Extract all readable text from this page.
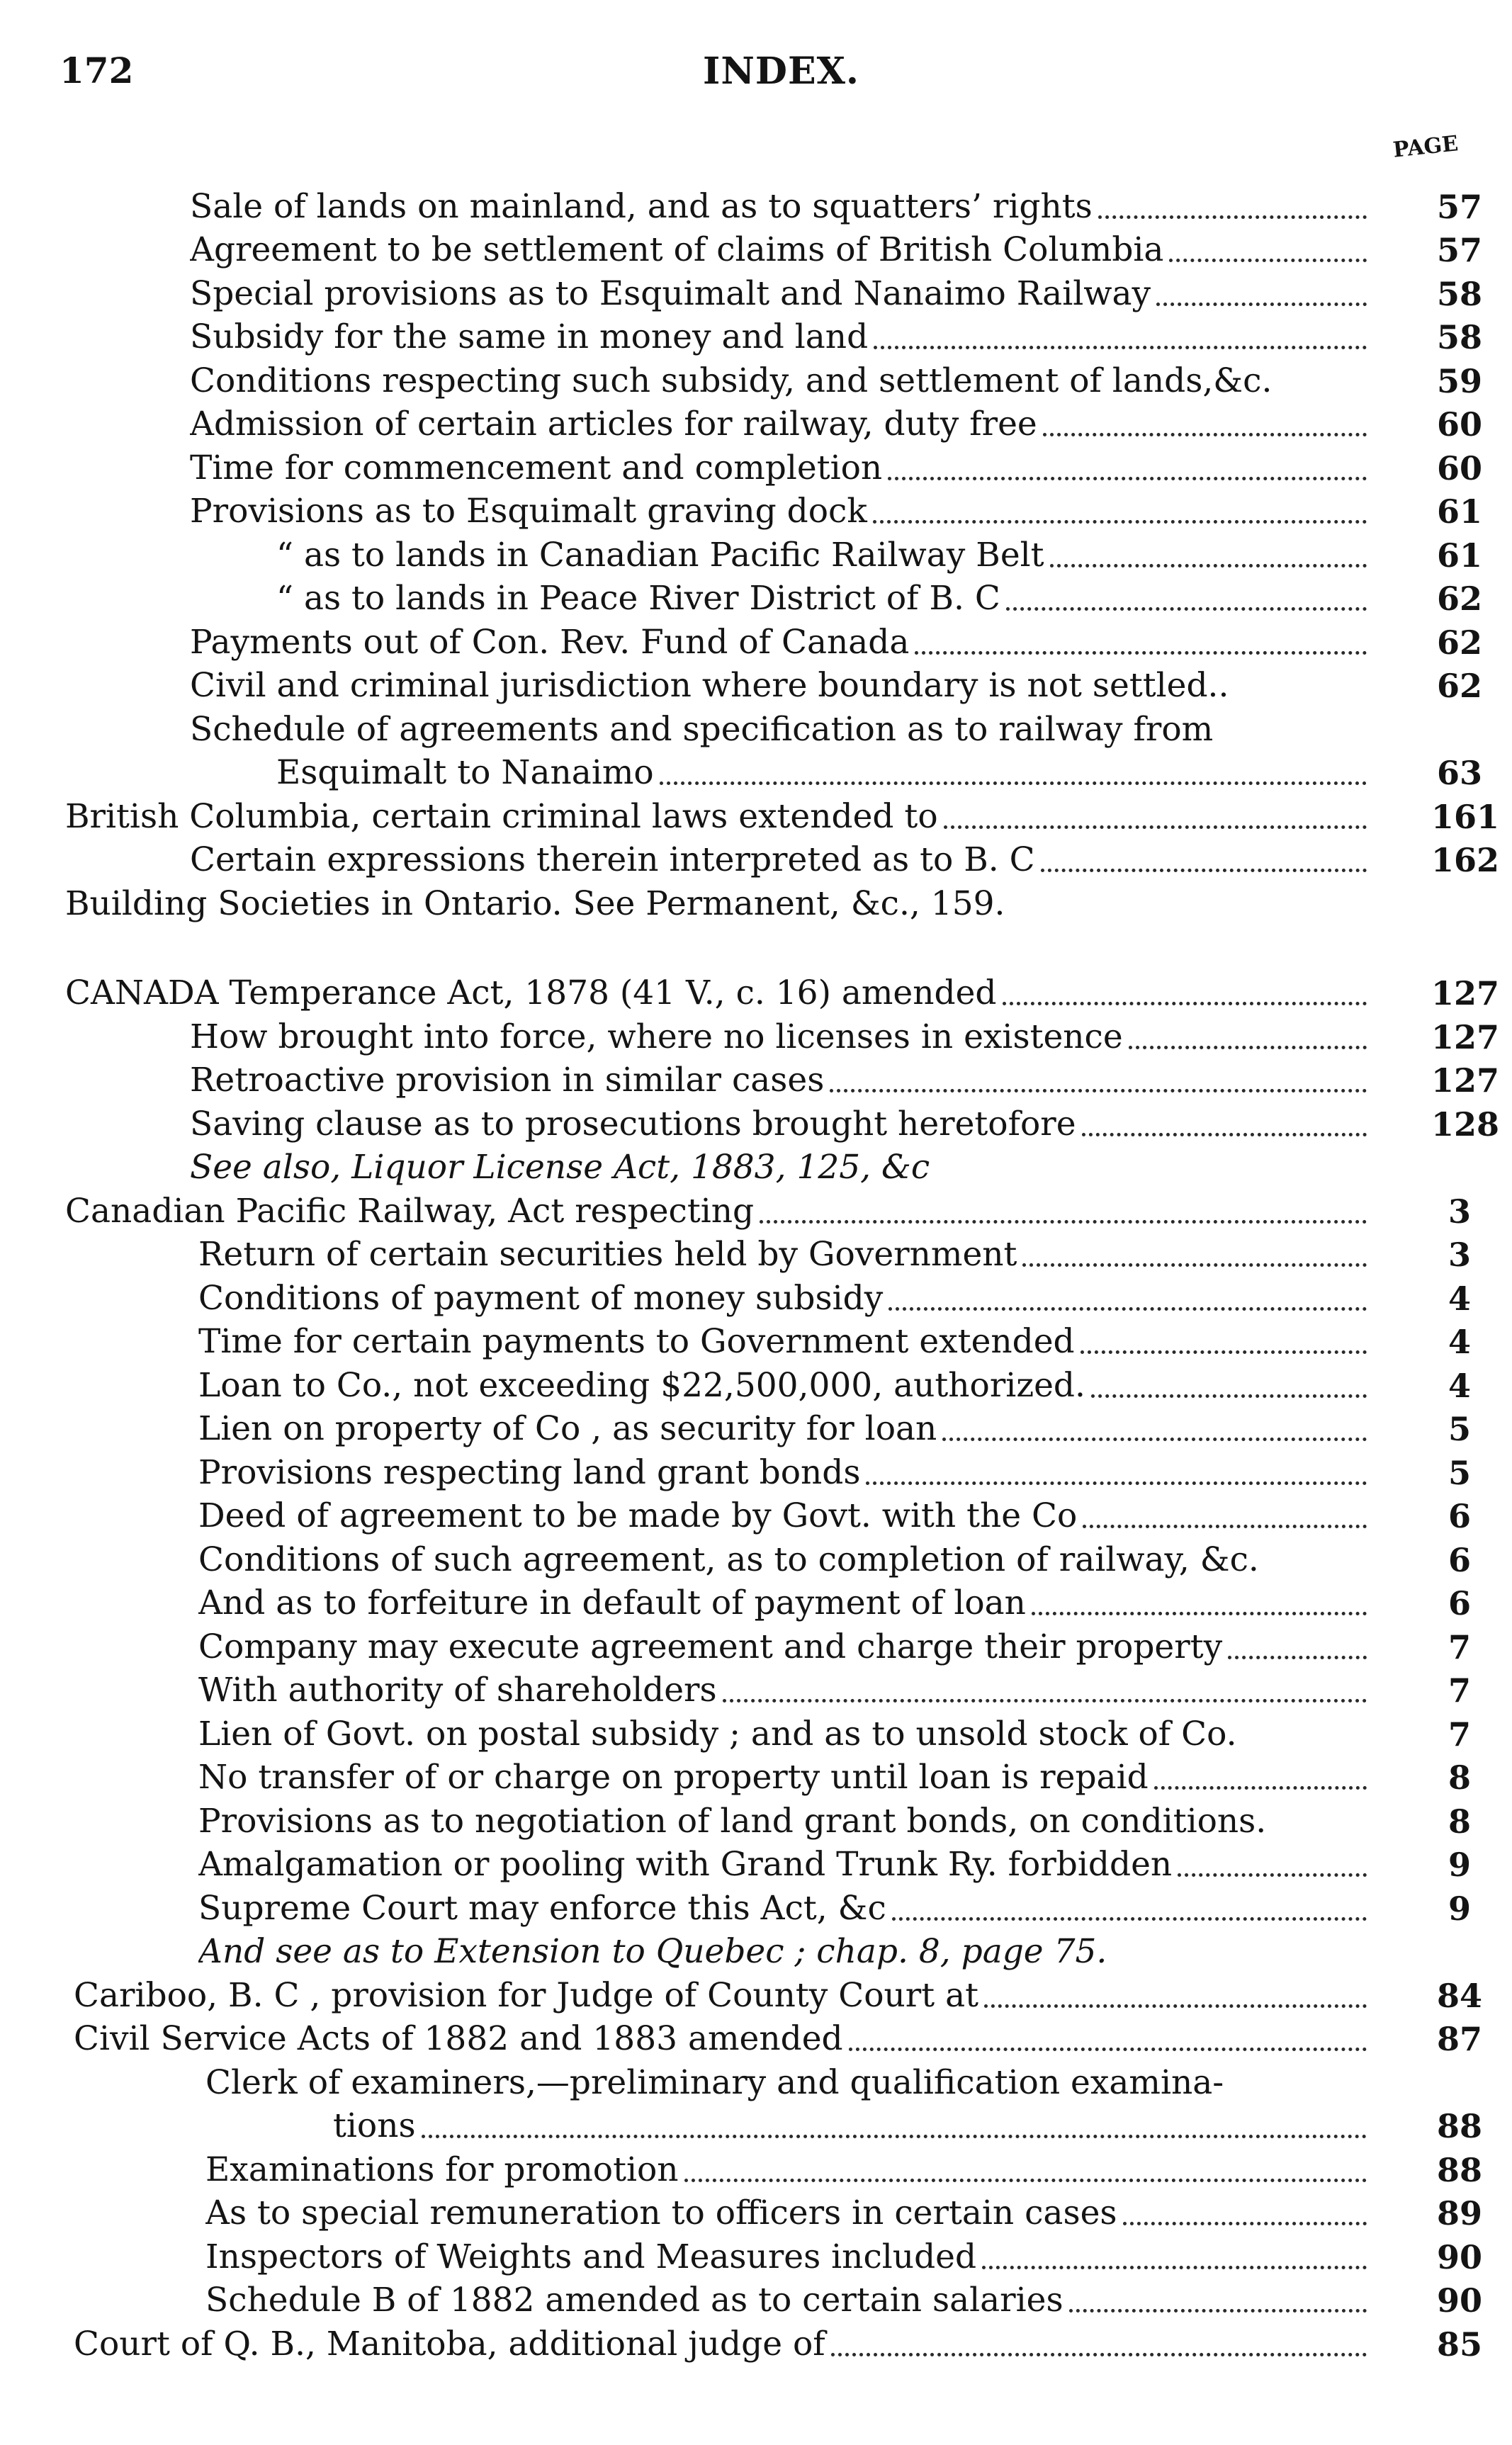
172	INDEX.
PAGE
Sale of lands on mainland, and as to squatters’ rights	57
Agreement to be settlement of claims of British Columbia	57
Special provisions as to Esquimalt and Nanaimo Railway	58
Subsidy for the same in money and land	58
Conditions respecting such subsidy, and settlement of lands,&c.	59
Admission of certain articles for railway, duty free	60
Time for commencement and completion	60
Provisions as to Esquimalt graving dock	61
“ as to lands in Canadian Pacific Railway Belt	61
“ as to lands in Peace River District of B. C	62
Payments out of Con. Rev. Fund of Canada	62
Civil and criminal jurisdiction where boundary is not settled..	62
Schedule of agreements and specification as to railway from
Esquimalt to Nanaimo	63
British Columbia, certain criminal laws extended to	161
Certain expressions therein interpreted as to B. C	162
Building Societies in Ontario. See Permanent, &c., 159.
CANADA Temperance Act, 1878 (41 V., c. 16) amended	127
How brought into force, where no licenses in existence	127
Retroactive provision in similar cases	127
Saving clause as to prosecutions brought heretofore	128
See also, Liquor License Act, 1883, 125, &c
Canadian Pacific Railway, Act respecting	3
Return of certain securities held by Government	3
Conditions of payment of money subsidy	4
Time for certain payments to Government extended	4
Loan to Co., not exceeding $22,500,000, authorized.	4
Lien on property of Co , as security for loan	5
Provisions respecting land grant bonds	5
Deed of agreement to be made by Govt. with the Co	6
Conditions of such agreement, as to completion of railway, &c.	6
And as to forfeiture in default of payment of loan	6
Company may execute agreement and charge their property	7
With authority of shareholders	7
Lien of Govt. on postal subsidy ; and as to unsold stock of Co.	7
No transfer of or charge on property until loan is repaid	8
Provisions as to negotiation of land grant bonds, on conditions.	8
Amalgamation or pooling with Grand Trunk Ry. forbidden	9
Supreme Court may enforce this Act, &c	9
And see as to Extension to Quebec ; chap. 8, page 75.
Cariboo, B. C , provision for Judge of County Court at	84
Civil Service Acts of 1882 and 1883 amended	87
Clerk of examiners,—preliminary and qualification examina-
tions	88
Examinations for promotion	88
As to special remuneration to officers in certain cases	89
Inspectors of Weights and Measures included	90
Schedule B of 1882 amended as to certain salaries	90
Court of Q. B., Manitoba, additional judge of	85
